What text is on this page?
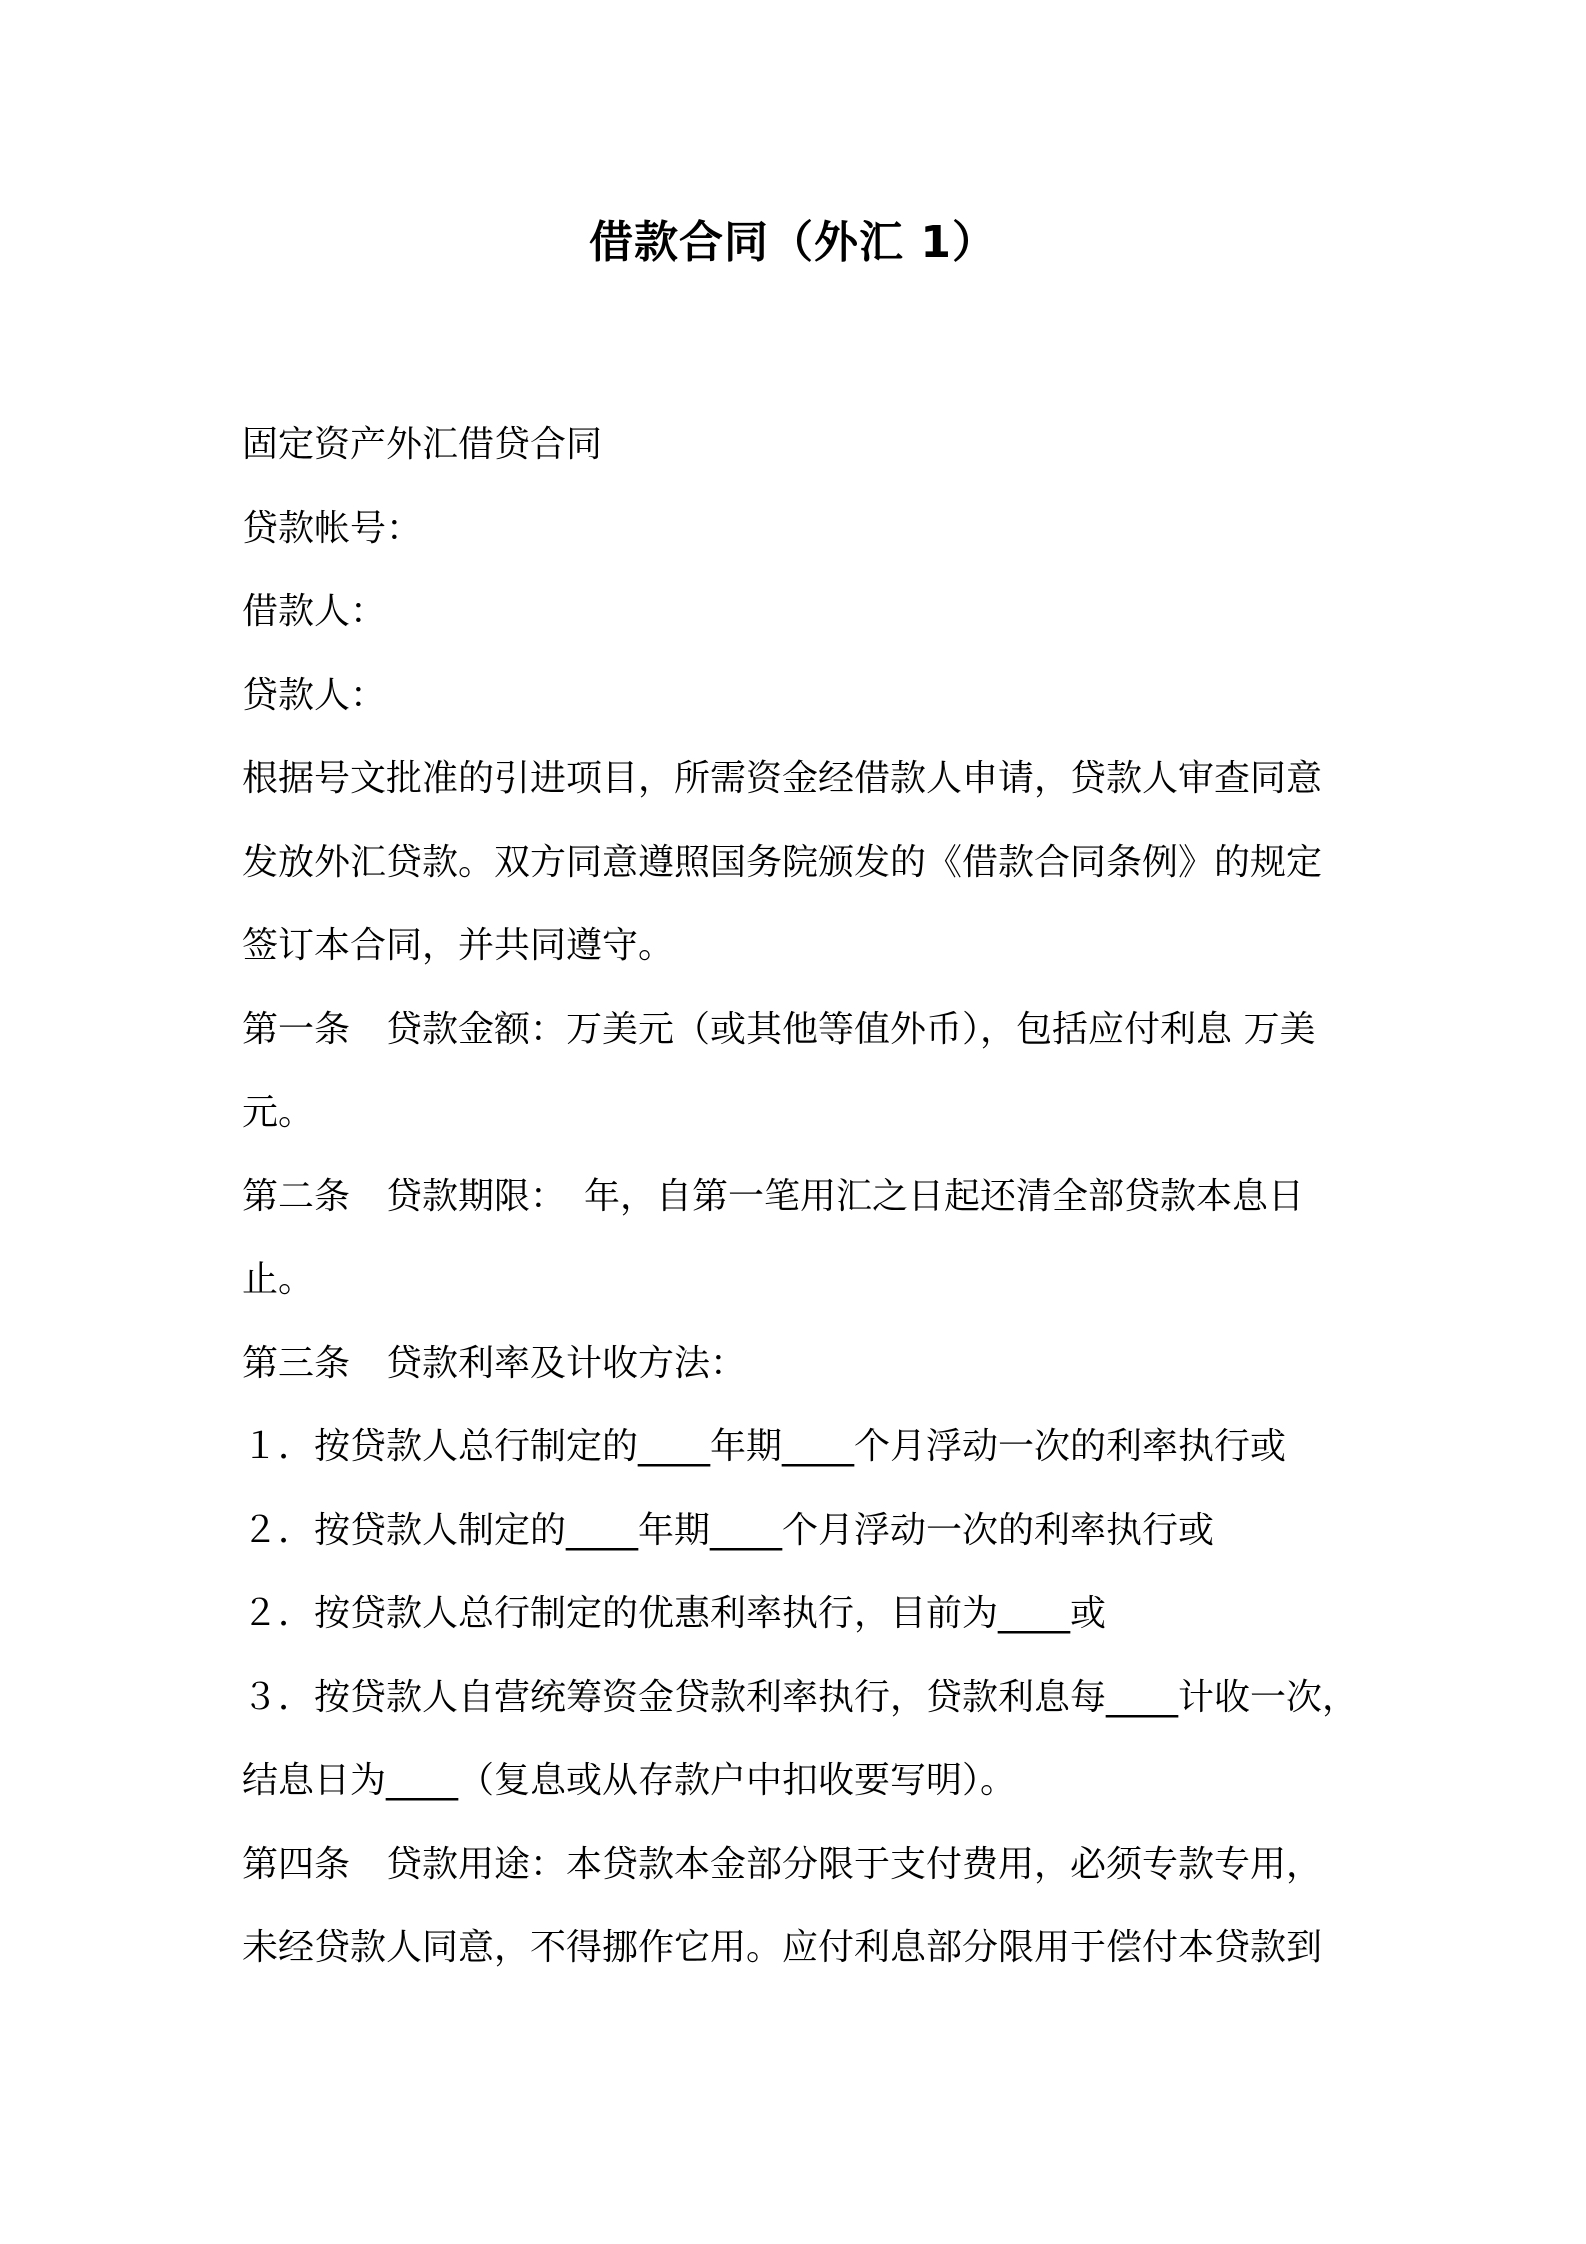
借款合同（外汇 1）
固定资产外汇借贷合同
贷款帐号：
借款人：
贷款人：
根据号文批准的引进项目，所需资金经借款人申请，贷款人审查同意
发放外汇贷款。双方同意遵照国务院颁发的《借款合同条例》的规定
签订本合同，并共同遵守。
第一条　贷款金额：万美元（或其他等值外币），包括应付利息 万美
元。
第二条　贷款期限：　年，自第一笔用汇之日起还清全部贷款本息日
止。
第三条　贷款利率及计收方法：
１．按贷款人总行制定的____年期____个月浮动一次的利率执行或
２．按贷款人制定的____年期____个月浮动一次的利率执行或
２．按贷款人总行制定的优惠利率执行，目前为____或
３．按贷款人自营统筹资金贷款利率执行，贷款利息每____计收一次，
结息日为____（复息或从存款户中扣收要写明）。
第四条　贷款用途：本贷款本金部分限于支付费用，必须专款专用，
未经贷款人同意，不得挪作它用。应付利息部分限用于偿付本贷款到
